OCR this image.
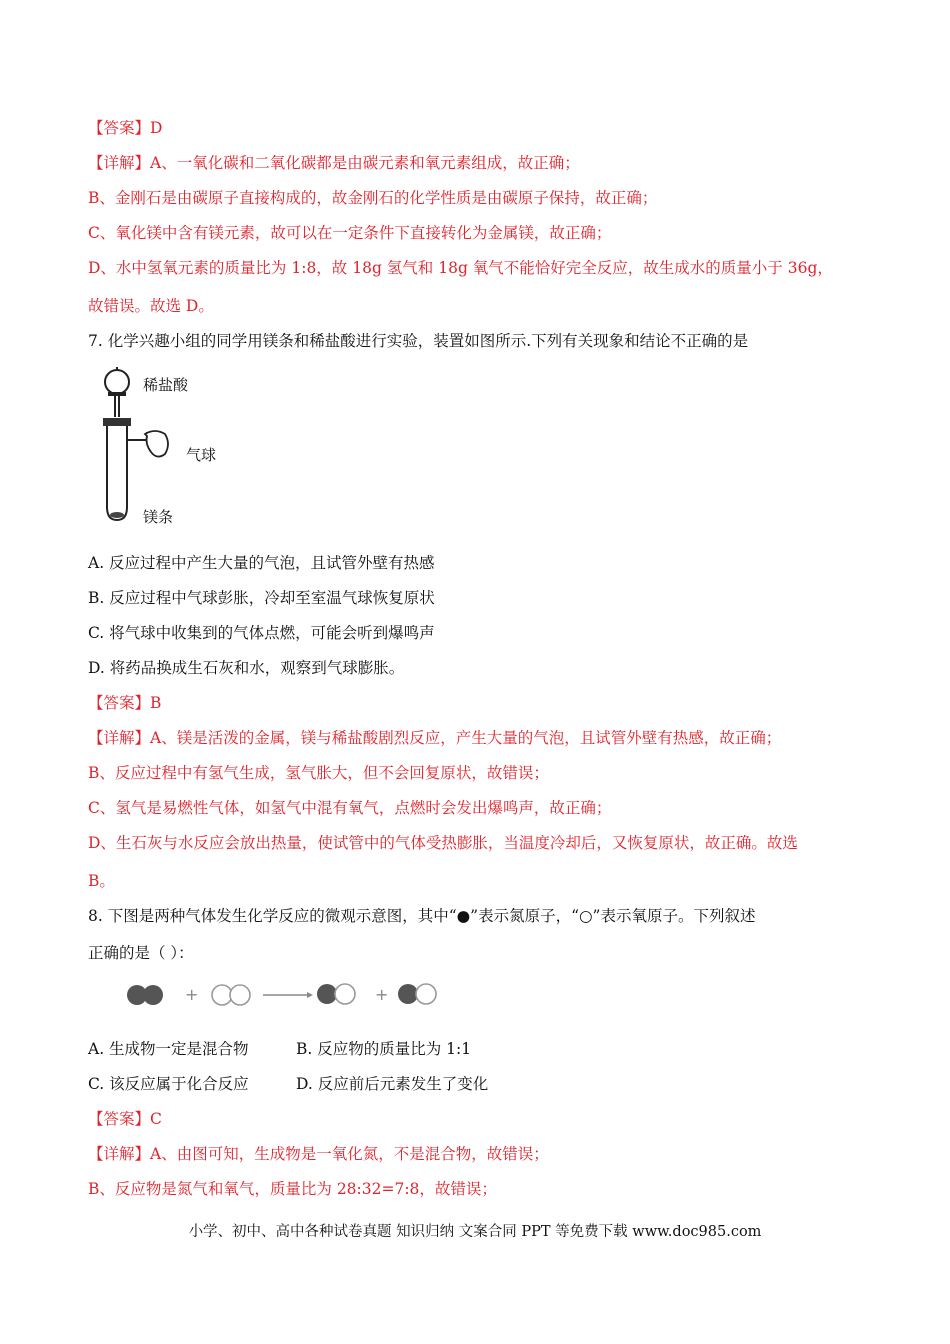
【答案】D
【详解】A、一氧化碳和二氧化碳都是由碳元素和氧元素组成，故正确；
B、金刚石是由碳原子直接构成的，故金刚石的化学性质是由碳原子保持，故正确；
C、氧化镁中含有镁元素，故可以在一定条件下直接转化为金属镁，故正确；
D、水中氢氧元素的质量比为 1:8，故 18g 氢气和 18g 氧气不能恰好完全反应，故生成水的质量小于 36g，
故错误。故选 D。
7. 化学兴趣小组的同学用镁条和稀盐酸进行实验，装置如图所示.下列有关现象和结论不正确的是
稀盐酸
气球
镁条
A. 反应过程中产生大量的气泡，且试管外壁有热感
B. 反应过程中气球彭胀，冷却至室温气球恢复原状
C. 将气球中收集到的气体点燃，可能会听到爆鸣声
D. 将药品换成生石灰和水，观察到气球膨胀。
【答案】B
【详解】A、镁是活泼的金属，镁与稀盐酸剧烈反应，产生大量的气泡，且试管外壁有热感，故正确；
B、反应过程中有氢气生成，氢气胀大，但不会回复原状，故错误；
C、氢气是易燃性气体，如氢气中混有氧气，点燃时会发出爆鸣声，故正确；
D、生石灰与水反应会放出热量，使试管中的气体受热膨胀，当温度冷却后，又恢复原状，故正确。故选
B。
8. 下图是两种气体发生化学反应的微观示意图，其中“●”表示氮原子，“○”表示氧原子。下列叙述
正确的是（ ）：
+	+
A. 生成物一定是混合物	B. 反应物的质量比为 1:1
C. 该反应属于化合反应	D. 反应前后元素发生了变化
【答案】C
【详解】A、由图可知，生成物是一氧化氮，不是混合物，故错误；
B、反应物是氮气和氧气，质量比为 28:32=7:8，故错误；
小学、初中、高中各种试卷真题 知识归纳 文案合同 PPT 等免费下载 www.doc985.com
